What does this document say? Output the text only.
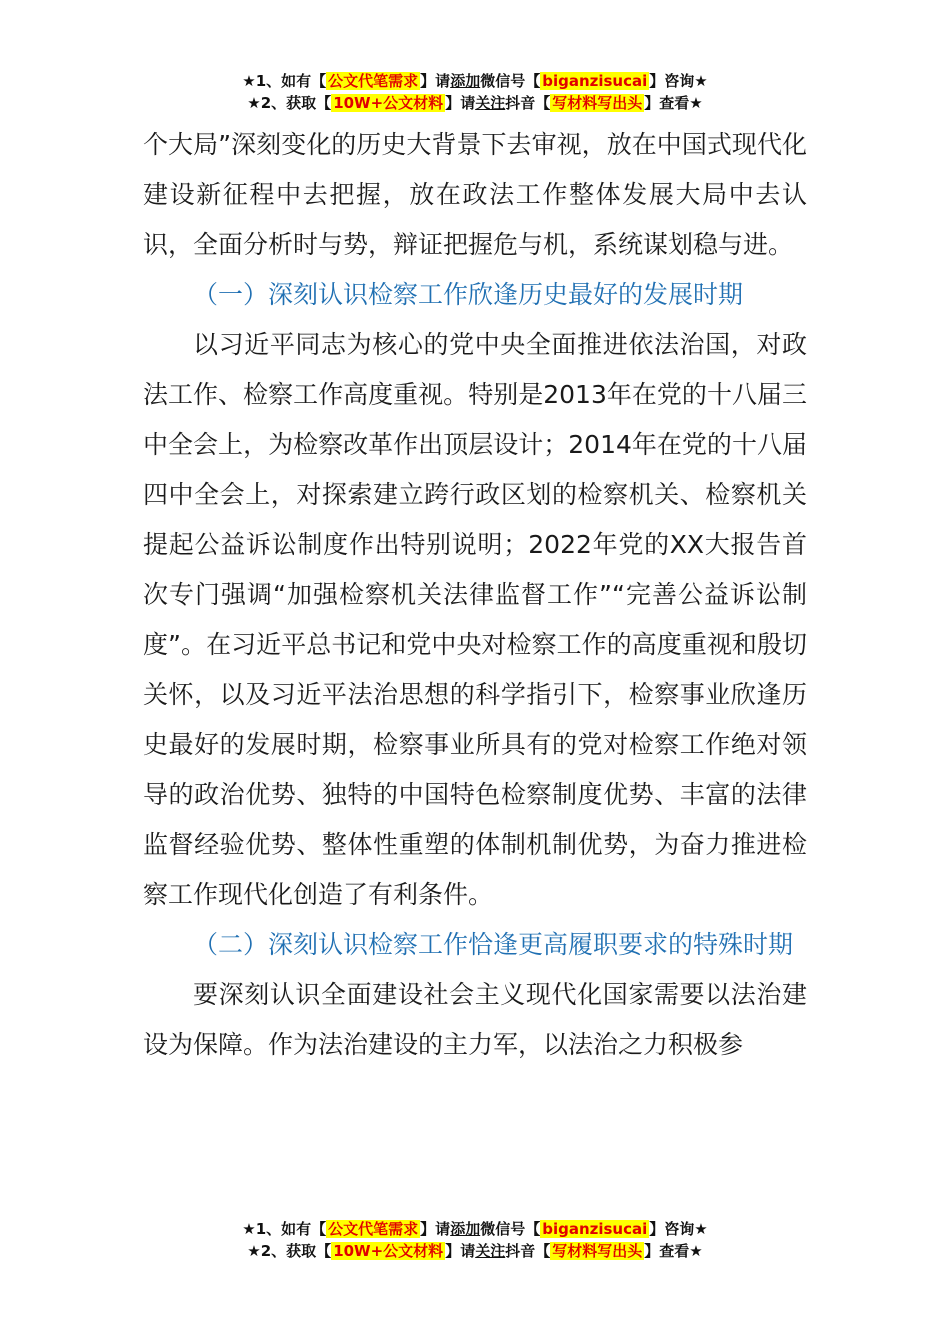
★1、如有【 公文代笔需求 】请添加微信号【 biganzisucai 】咨询★
★2、获取【 10W+公文材料 】请关注抖音【 写材料写出头 】查看★

个大局”深刻变化的历史大背景下去审视，放在中国式现代化建设新征程中去把握，放在政法工作整体发展大局中去认识，全面分析时与势，辩证把握危与机，系统谋划稳与进。

（一）深刻认识检察工作欣逢历史最好的发展时期

以习近平同志为核心的党中央全面推进依法治国，对政法工作、检察工作高度重视。特别是2013年在党的十八届三中全会上，为检察改革作出顶层设计；2014年在党的十八届四中全会上，对探索建立跨行政区划的检察机关、检察机关提起公益诉讼制度作出特别说明；2022年党的XX大报告首次专门强调“加强检察机关法律监督工作”“完善公益诉讼制度”。在习近平总书记和党中央对检察工作的高度重视和殷切关怀，以及习近平法治思想的科学指引下，检察事业欣逢历史最好的发展时期，检察事业所具有的党对检察工作绝对领导的政治优势、独特的中国特色检察制度优势、丰富的法律监督经验优势、整体性重塑的体制机制优势，为奋力推进检察工作现代化创造了有利条件。

（二）深刻认识检察工作恰逢更高履职要求的特殊时期

要深刻认识全面建设社会主义现代化国家需要以法治建设为保障。作为法治建设的主力军，以法治之力积极参

★1、如有【 公文代笔需求 】请添加微信号【 biganzisucai 】咨询★
★2、获取【 10W+公文材料 】请关注抖音【 写材料写出头 】查看★
